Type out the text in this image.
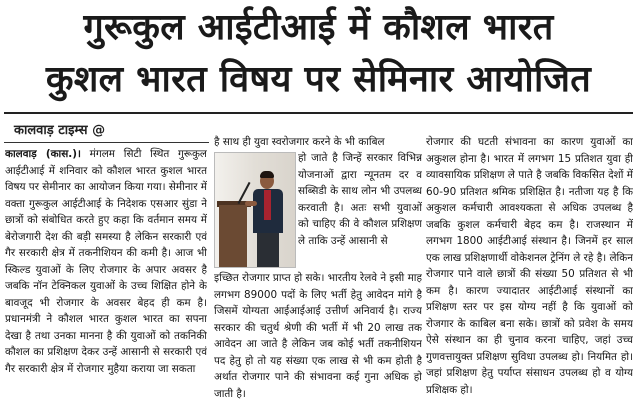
गुरूकुल आईटीआई में कौशल भारत
कुशल भारत विषय पर सेमिनार आयोजित
कालवाड़ टाइम्स @
कालवाड़ (कास.)। मंगलम सिटी स्थित गुरूकुल आईटीआई में शनिवार को कौशल भारत कुशल भारत विषय पर सेमीनार का आयोजन किया गया। सेमीनार में वक्ता गुरूकुल आईटीआई के निदेशक एसआर सुंडा ने छात्रों को संबोधित करते हुए कहा कि वर्तमान समय में बेरोजगारी देश की बड़ी समस्या है लेकिन सरकारी एवं गैर सरकारी क्षेत्र में तकनीशियन की कमी है। आज भी स्किल्ड युवाओं के लिए रोजगार के अपार अवसर है जबकि नॉन टेक्निकल युवाओं के उच्च शिक्षित होने के बावजूद भी रोजगार के अवसर बेहद ही कम है। प्रधानमंत्री ने कौशल भारत कुशल भारत का सपना देखा है तथा उनका मानना है की युवाओं को तकनिकी कौशल का प्रशिक्षण देकर उन्हें आसानी से सरकारी एवं गैर सरकारी क्षेत्र में रोजगार मुहैया कराया जा सकता
है साथ ही युवा स्वरोजगार करने के भी काबिल
हो जाते है जिन्हें सरकार विभिन्न योजनाओं द्वारा न्यूनतम दर व सब्सिडी के साथ लोन भी उपलब्ध करवाती है। अतः सभी युवाओं को चाहिए की वे कौशल प्रशिक्षण ले ताकि उन्हें आसानी से
इच्छित रोजगार प्राप्त हो सके। भारतीय रेलवे ने इसी माह लगभग 89000 पदों के लिए भर्ती हेतु आवेदन मांगे है जिसमें योग्यता आईआईआई उत्तीर्ण अनिवार्य है। राज्य सरकार की चतुर्थ श्रेणी की भर्ती में भी 20 लाख तक आवेदन आ जाते है लेकिन जब कोई भर्ती तकनीशियन पद हेतु हो तो यह संख्या एक लाख से भी कम होती है अर्थात रोजगार पाने की संभावना कई गुना अधिक हो जाती है।
रोजगार की घटती संभावना का कारण युवाओं का अकुशल होना है। भारत में लगभग 15 प्रतिशत युवा ही व्यावसायिक प्रशिक्षण ले पाते है जबकि विकसित देशों में 60-90 प्रतिशत श्रमिक प्रशिक्षित है। नतीजा यह है कि अकुशल कर्मचारी आवश्यकता से अधिक उपलब्ध है जबकि कुशल कर्मचारी बेहद कम है। राजस्थान में लगभग 1800 आईटीआई संस्थान है। जिनमें हर साल एक लाख प्रशिक्षणार्थी वोकेशनल ट्रेनिंग ले रहे है। लेकिन रोजगार पाने वाले छात्रों की संख्या 50 प्रतिशत से भी कम है। कारण ज्यादातर आईटीआई संस्थानों का प्रशिक्षण स्तर पर इस योग्य नहीं है कि युवाओं को रोजगार के काबिल बना सके। छात्रों को प्रवेश के समय ऐसे संस्थान का ही चुनाव करना चाहिए, जहां उच्च गुणवत्तायुक्त प्रशिक्षण सुविधा उपलब्ध हो। नियमित हो। जहां प्रशिक्षण हेतु पर्याप्त संसाधन उपलब्ध हो व योग्य प्रशिक्षक हो।
